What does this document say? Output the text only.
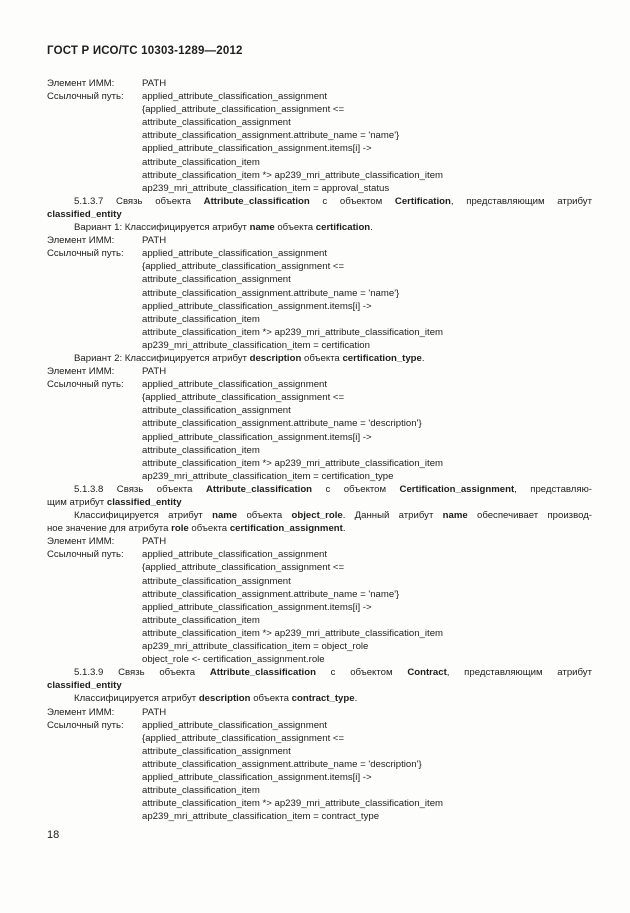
ГОСТ Р ИСО/ТС 10303-1289—2012
Элемент ИММ:	PATH
Ссылочный путь: applied_attribute_classification_assignment
{applied_attribute_classification_assignment <=
attribute_classification_assignment
attribute_classification_assignment.attribute_name = 'name'}
applied_attribute_classification_assignment.items[i] ->
attribute_classification_item
attribute_classification_item *> ap239_mri_attribute_classification_item
ap239_mri_attribute_classification_item = approval_status
5.1.3.7 Связь объекта Attribute_classification с объектом Certification, представляющим атрибут
classified_entity
Вариант 1: Классифицируется атрибут name объекта certification.
Элемент ИММ:	PATH
Ссылочный путь: applied_attribute_classification_assignment
{applied_attribute_classification_assignment <=
attribute_classification_assignment
attribute_classification_assignment.attribute_name = 'name'}
applied_attribute_classification_assignment.items[i] ->
attribute_classification_item
attribute_classification_item *> ap239_mri_attribute_classification_item
ap239_mri_attribute_classification_item = certification
Вариант 2: Классифицируется атрибут description объекта certification_type.
Элемент ИММ:	PATH
Ссылочный путь: applied_attribute_classification_assignment
{applied_attribute_classification_assignment <=
attribute_classification_assignment
attribute_classification_assignment.attribute_name = 'description'}
applied_attribute_classification_assignment.items[i] ->
attribute_classification_item
attribute_classification_item *> ap239_mri_attribute_classification_item
ap239_mri_attribute_classification_item = certification_type
5.1.3.8 Связь объекта Attribute_classification с объектом Certification_assignment, представляю-
щим атрибут classified_entity
Классифицируется атрибут name объекта object_role. Данный атрибут name обеспечивает производ-
ное значение для атрибута role объекта certification_assignment.
Элемент ИММ:	PATH
Ссылочный путь: applied_attribute_classification_assignment
{applied_attribute_classification_assignment <=
attribute_classification_assignment
attribute_classification_assignment.attribute_name = 'name'}
applied_attribute_classification_assignment.items[i] ->
attribute_classification_item
attribute_classification_item *> ap239_mri_attribute_classification_item
ap239_mri_attribute_classification_item = object_role
object_role <- certification_assignment.role
5.1.3.9 Связь объекта Attribute_classification с объектом Contract, представляющим атрибут
classified_entity
Классифицируется атрибут description объекта contract_type.
Элемент ИММ:	PATH
Ссылочный путь: applied_attribute_classification_assignment
{applied_attribute_classification_assignment <=
attribute_classification_assignment
attribute_classification_assignment.attribute_name = 'description'}
applied_attribute_classification_assignment.items[i] ->
attribute_classification_item
attribute_classification_item *> ap239_mri_attribute_classification_item
ap239_mri_attribute_classification_item = contract_type
18
